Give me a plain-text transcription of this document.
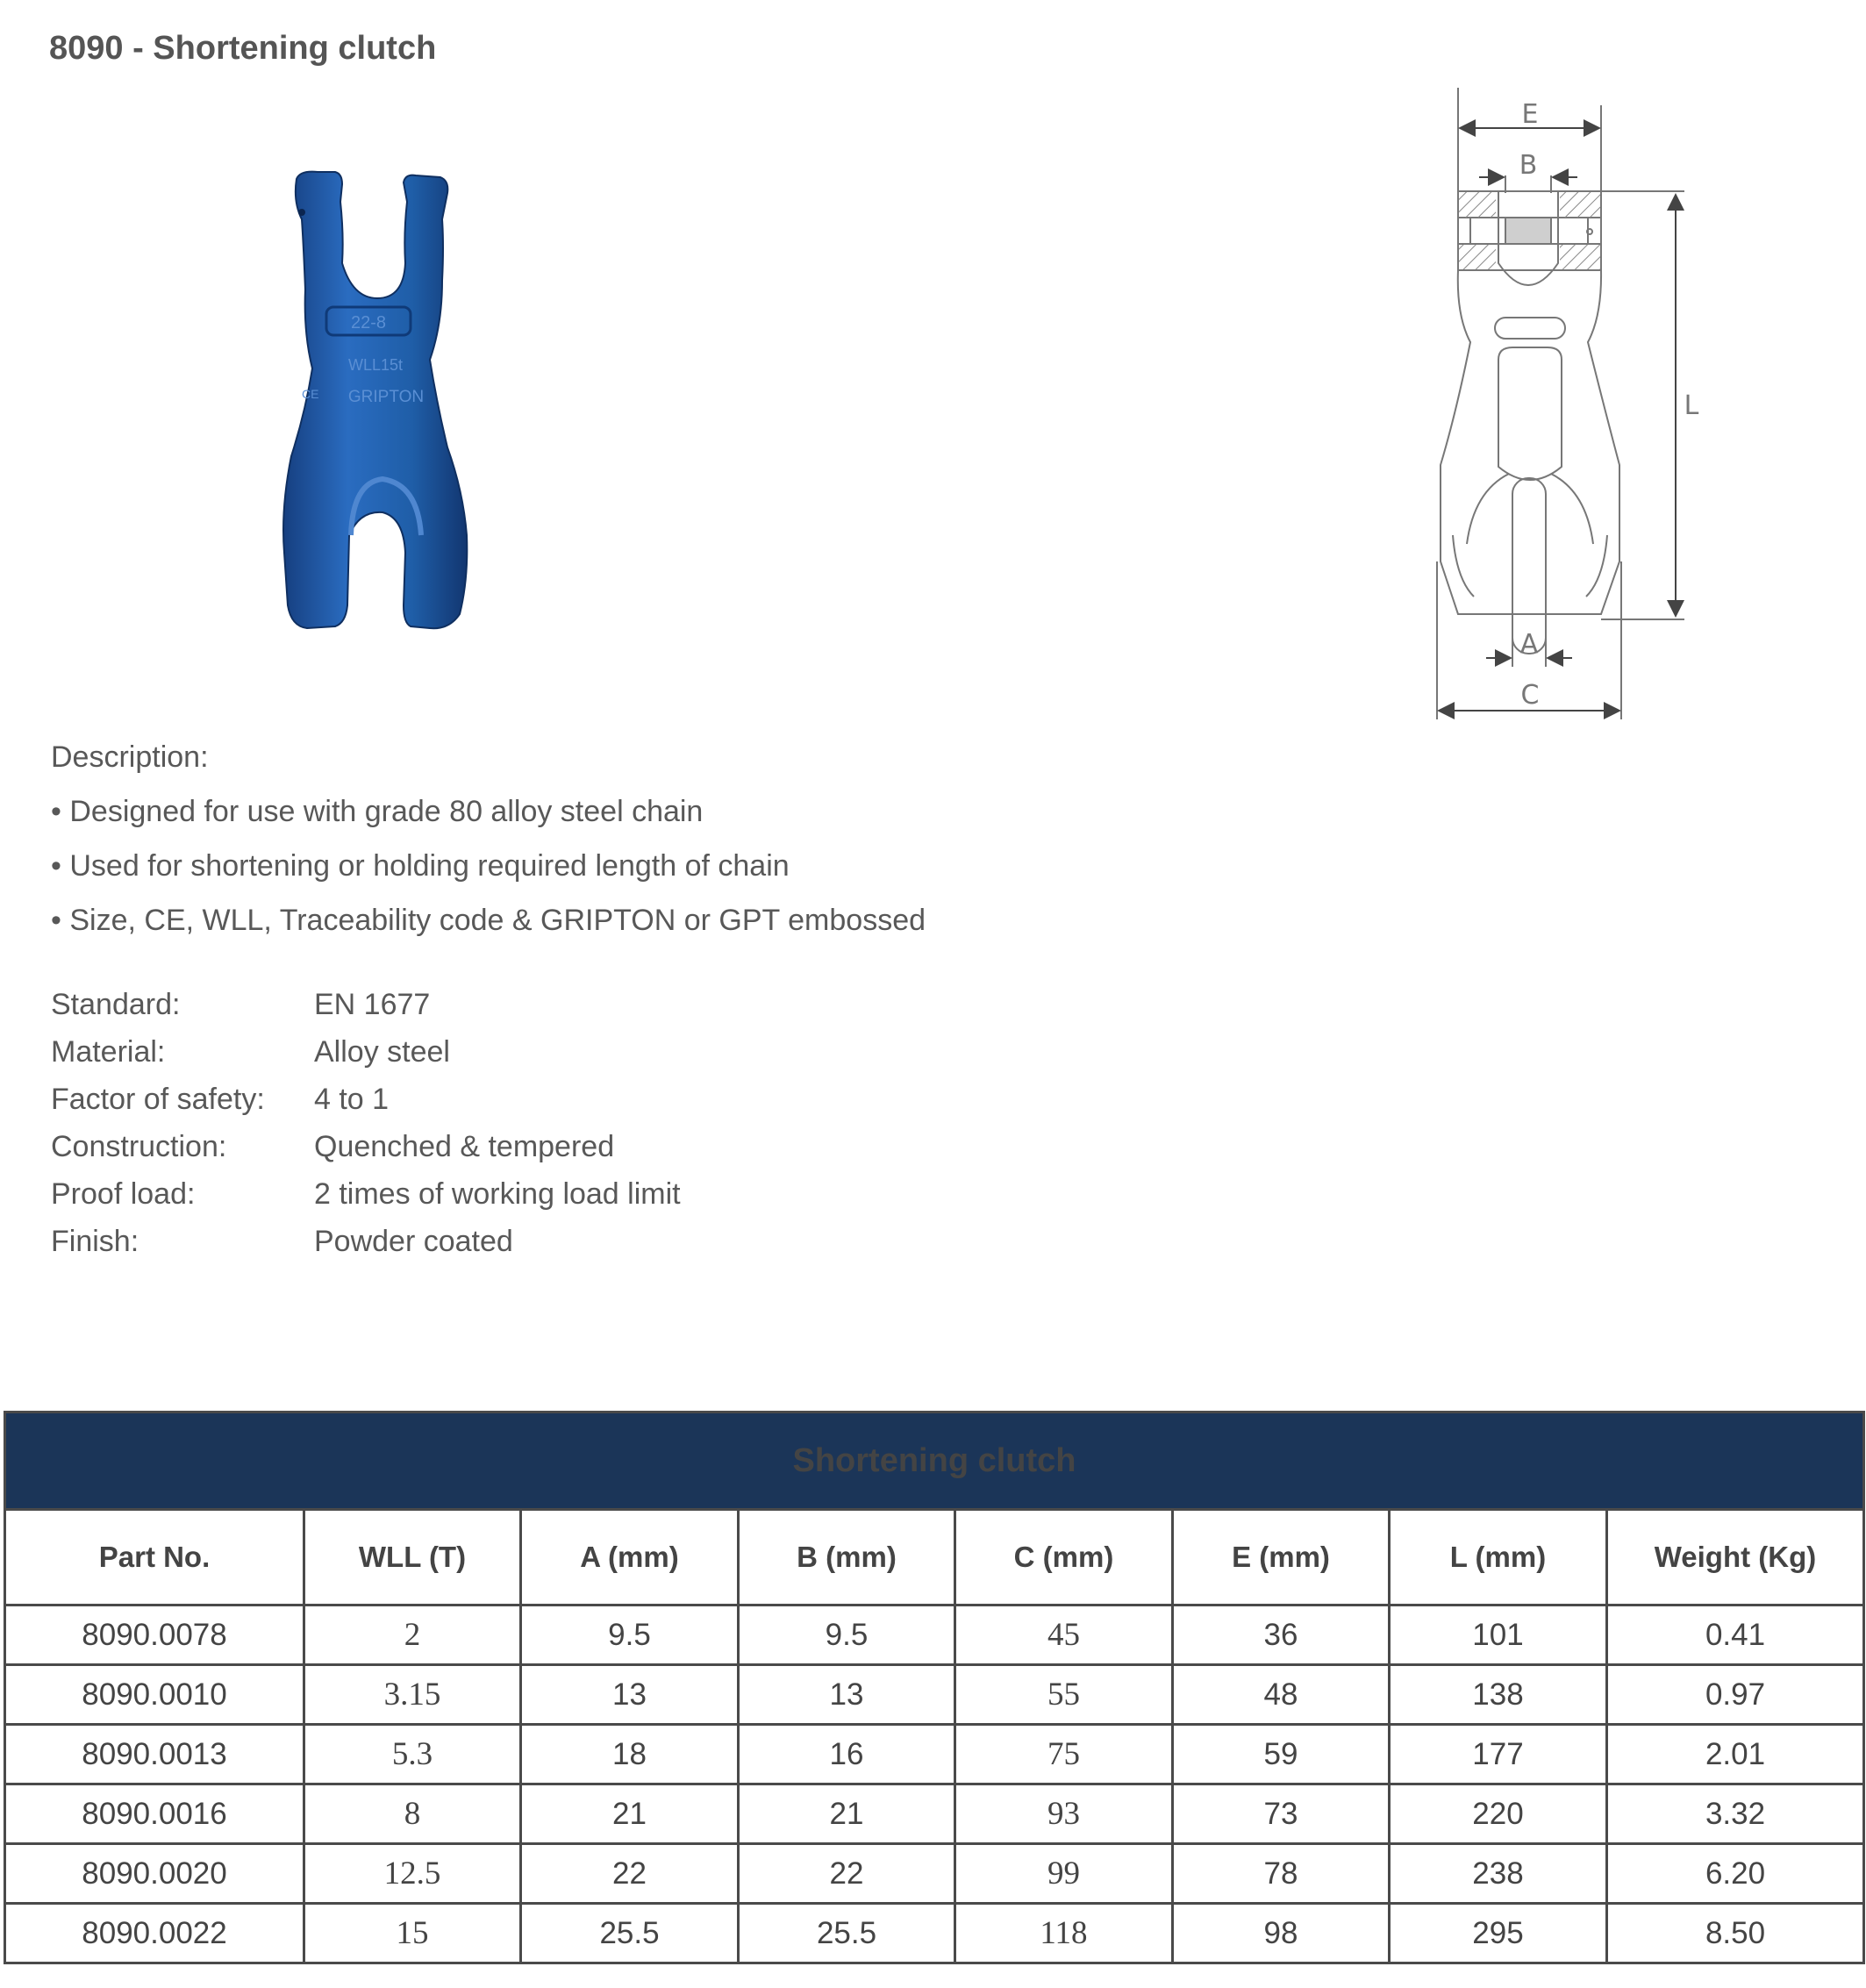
8090 - Shortening clutch
22-8
WLL15t
CE GRIPTON
E
B
L
A
C
Description:
• Designed for use with grade 80 alloy steel chain
• Used for shortening or holding required length of chain
• Size, CE, WLL, Traceability code & GRIPTON or GPT embossed
Standard:	EN 1677
Material:	Alloy steel
Factor of safety:	4 to 1
Construction:	Quenched & tempered
Proof load:	2 times of working load limit
Finish:	Powder coated
Shortening clutch							
Part No.	WLL (T)	A (mm)	B (mm)	C (mm)	E (mm)	L (mm)	Weight (Kg)
8090.0078	2	9.5	9.5	45	36	101	0.41
8090.0010	3.15	13	13	55	48	138	0.97
8090.0013	5.3	18	16	75	59	177	2.01
8090.0016	8	21	21	93	73	220	3.32
8090.0020	12.5	22	22	99	78	238	6.20
8090.0022	15	25.5	25.5	118	98	295	8.50
